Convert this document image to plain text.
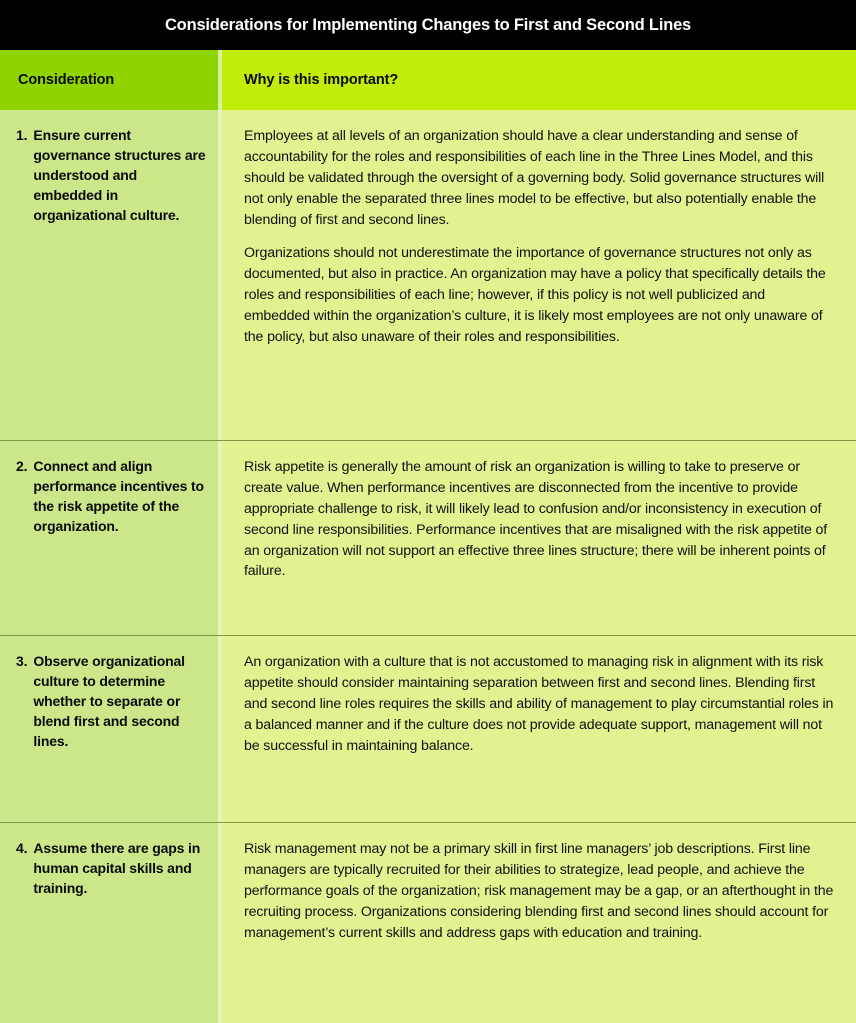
Considerations for Implementing Changes to First and Second Lines
Consideration	Why is this important?
1. Ensure current governance structures are understood and embedded in organizational culture.

Employees at all levels of an organization should have a clear understanding and sense of accountability for the roles and responsibilities of each line in the Three Lines Model, and this should be validated through the oversight of a governing body. Solid governance structures will not only enable the separated three lines model to be effective, but also potentially enable the blending of first and second lines.

Organizations should not underestimate the importance of governance structures not only as documented, but also in practice. An organization may have a policy that specifically details the roles and responsibilities of each line; however, if this policy is not well publicized and embedded within the organization’s culture, it is likely most employees are not only unaware of the policy, but also unaware of their roles and responsibilities.

2. Connect and align performance incentives to the risk appetite of the organization.

Risk appetite is generally the amount of risk an organization is willing to take to preserve or create value. When performance incentives are disconnected from the incentive to provide appropriate challenge to risk, it will likely lead to confusion and/or inconsistency in execution of second line responsibilities. Performance incentives that are misaligned with the risk appetite of an organization will not support an effective three lines structure; there will be inherent points of failure.

3. Observe organizational culture to determine whether to separate or blend first and second lines.

An organization with a culture that is not accustomed to managing risk in alignment with its risk appetite should consider maintaining separation between first and second lines. Blending first and second line roles requires the skills and ability of management to play circumstantial roles in a balanced manner and if the culture does not provide adequate support, management will not be successful in maintaining balance.

4. Assume there are gaps in human capital skills and training.

Risk management may not be a primary skill in first line managers’ job descriptions. First line managers are typically recruited for their abilities to strategize, lead people, and achieve the performance goals of the organization; risk management may be a gap, or an afterthought in the recruiting process. Organizations considering blending first and second lines should account for management’s current skills and address gaps with education and training.
